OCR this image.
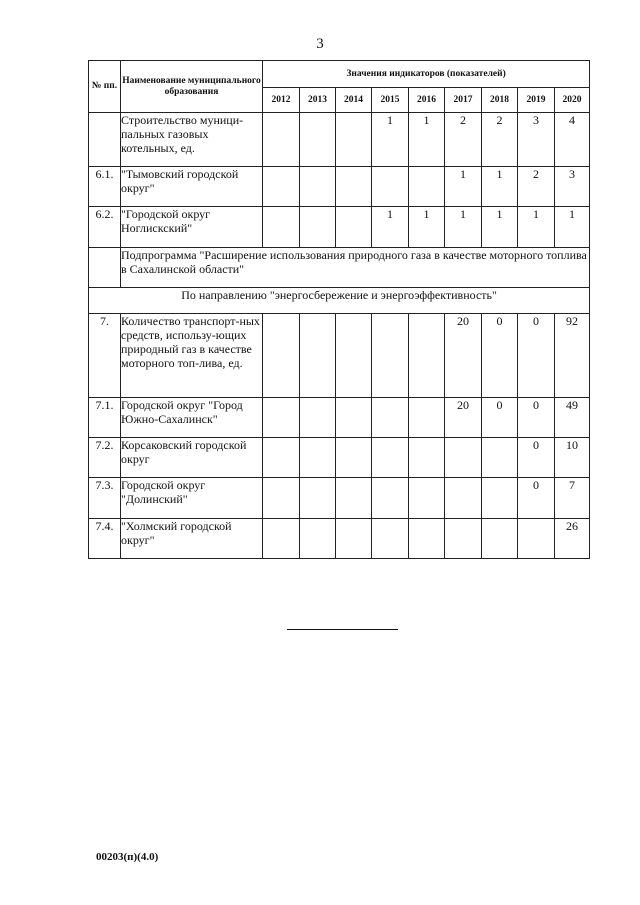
3
№ пп.	Наименование муниципального образования	Значения индикаторов (показателей)								
		2012	2013	2014	2015	2016	2017	2018	2019	2020
	Строительство муници-пальных газовых котельных, ед.				1	1	2	2	3	4
6.1.	"Тымовский городской округ"						1	1	2	3
6.2.	"Городской округ Ноглискский"				1	1	1	1	1	1
	Подпрограмма "Расширение использования природного газа в качестве моторного топлива в Сахалинской области"									
По направлению "энергосбережение и энергоэффективность"										
7.	Количество транспорт-ных средств, использу-ющих природный газ в качестве моторного топ-лива, ед.						20	0	0	92
7.1.	Городской округ "Город Южно-Сахалинск"						20	0	0	49
7.2.	Корсаковский городской округ								0	10
7.3.	Городской округ "Долинский"								0	7
7.4.	"Холмский городской округ"									26
00203(п)(4.0)
